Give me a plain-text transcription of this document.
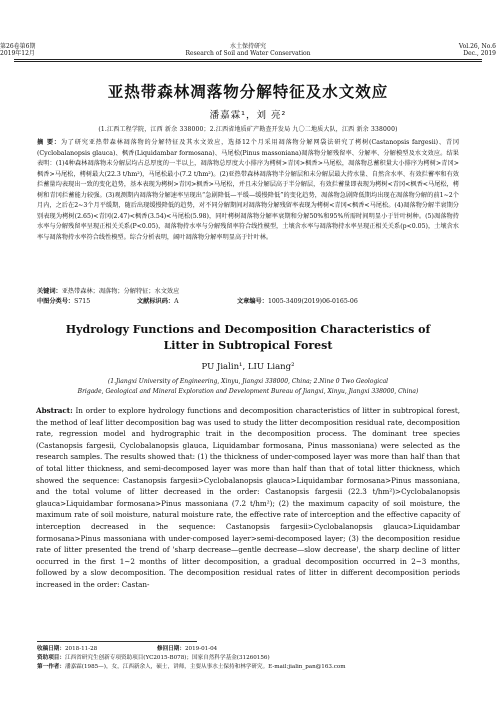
第26卷第6期
2019年12月
水土保持研究
Research of Soil and Water Conservation
Vol.26, No.6
Dec., 2019
亚热带森林凋落物分解特征及水文效应
潘嘉霖¹，刘 亮²
(1.江西工程学院，江西 新余 338000；2.江西省地质矿产勘查开发局 九〇二地质大队，江西 新余 338000)
摘 要：为了研究亚热带森林凋落物的分解特征及其水文效应，选择12个月采用凋落物分解网袋法研究了栲树(Castanopsis fargesii)、青冈(Cyclobalanopsis glauca)、枫香(Liquidambar formosana)、马尾松(Pinus massoniana)凋落物分解残留率、分解率、分解模型及水文效应。结果表明：(1)4种森林凋落物未分解层均占总厚度的一半以上，凋落物总厚度大小排序为栲树>青冈>枫香>马尾松，凋落物总蓄积量大小排序为栲树>青冈>枫香>马尾松，栲树最大(22.3 t/hm²)，马尾松最小(7.2 t/hm²)。(2)亚热带森林凋落物半分解层和未分解层最大持水量、自然含水率、有效拦蓄率和有效拦蓄量均表现出一致的变化趋势，基本表现为栲树>青冈>枫香>马尾松，并且未分解层高于半分解层，有效拦蓄量即表现为栲树<青冈<枫香<马尾松，栲树和青冈拦蓄能力较强。(3)观测期内凋落物分解速率呈现出“急剧降低—平缓—缓慢降低”的变化趋势，凋落物急剧降低期均出现在凋落物分解的前1~2个月内，之后在2~3个月平缓期，随后出现缓慢降低的趋势，对不同分解期间对凋落物分解残留率表现为栲树<青冈<枫香<马尾松。(4)凋落物分解半衰期分别表现为栲树(2.65)<青冈(2.47)<枫香(3.54)<马尾松(5.98)，同叶栲树凋落物分解率衰期和分解50%和95%所需时间明显小于针叶树种。(5)凋落物持水率与分解残留率呈现正相关关系(P<0.05)，凋落物持水率与分解残留率符合线性模型，土壤含水率与凋落物持水率呈现正相关关系(p<0.05)，土壤含水率与凋落物持水率符合线性模型。综合分析表明，阔叶凋落物分解率明显高于针叶林。
关键词：亚热带森林；凋落物；分解特征；水文效应
中图分类号：S715	文献标识码：A	文章编号：1005-3409(2019)06-0165-06
Hydrology Functions and Decomposition Characteristics of
Litter in Subtropical Forest
PU Jialin¹, LIU Liang²
(1.Jiangxi University of Engineering, Xinyu, Jiangxi 338000, China; 2.Nine 0 Two Geological
Brigade, Geological and Mineral Exploration and Development Bureau of Jiangxi, Xinyu, Jiangxi 338000, China)
Abstract: In order to explore hydrology functions and decomposition characteristics of litter in subtropical forest, the method of leaf litter decomposition bag was used to study the litter decomposition residual rate, decomposition rate, regression model and hydrographic trait in the decomposition process. The dominant tree species (Castanopsis fargesii, Cyclobalanopsis glauca, Liquidambar formosana, Pinus massoniana) were selected as the research samples. The results showed that: (1) the thickness of under-composed layer was more than half than that of total litter thickness, and semi-decomposed layer was more than half than that of total litter thickness, which showed the sequence: Castanopsis fargesii>Cyclobalanopsis glauca>Liquidambar formosana>Pinus massoniana, and the total volume of litter decreased in the order: Castanopsis fargesii (22.3 t/hm²)>Cyclobalanopsis glauca>Liquidambar formosana>Pinus massoniana (7.2 t/hm²); (2) the maximum capacity of soil moisture, the maximum rate of soil moisture, natural moisture rate, the effective rate of interception and the effective capacity of interception decreased in the sequence: Castanopsis fargesii>Cyclobalanopsis glauca>Liquidambar formosana>Pinus massoniana with under-composed layer>semi-decomposed layer; (3) the decomposition residue rate of litter presented the trend of 'sharp decrease—gentle decrease—slow decrease', the sharp decline of litter occurred in the first 1~2 months of litter decomposition, a gradual decomposition occurred in 2~3 months, followed by a slow decomposition. The decomposition residual rates of litter in different decomposition periods increased in the order: Castan-
收稿日期：2018-11-28	修回日期：2019-01-04
资助项目：江西省研究生创新专项资助项目(YC2015-B078)；国家自然科学基金(31260156)
第一作者：潘嘉霖(1985—)，女，江西新余人，硕士，讲师，主要从事水土保持和林学研究。E-mail:jialin_pan@163.com
